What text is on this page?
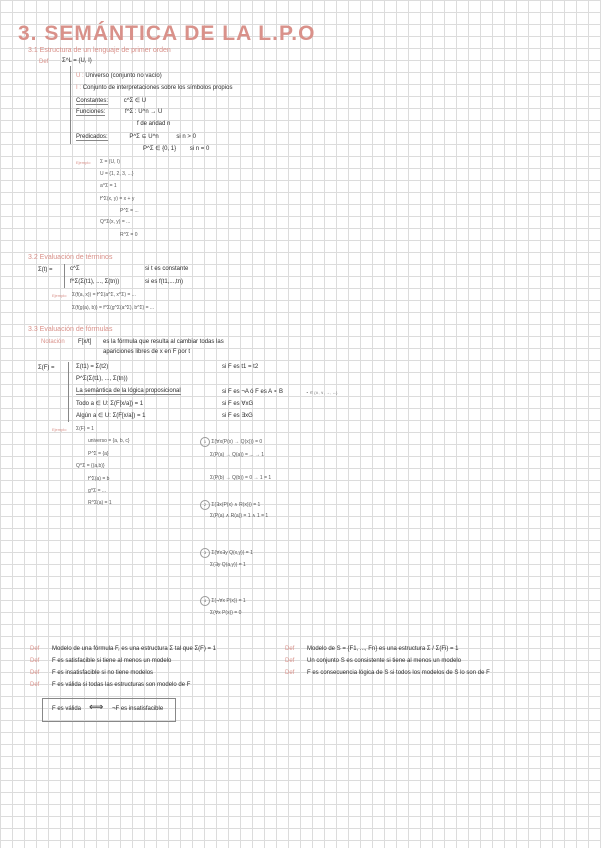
3. SEMÁNTICA DE LA L.P.O
3.1 Estructura de un lenguaje de primer orden
Def Σ^L = (U, I)
U : Universo (conjunto no vacío)
I : Conjunto de interpretaciones sobre los símbolos propios
Constantes:	c^Σ ∈ U
Funciones:	f^Σ : U^n → U
f de aridad n
Predicados:	P^Σ ⊆ U^n	si n > 0
P^Σ ∈ {0, 1} si n = 0
Ejemplo Σ = (U, I)
U = {1, 2, 3, ...}
a^Σ = 1
f^Σ(x, y) = x + y
P^Σ = ...
Q^Σ(x, y) = ...
R^Σ = 0
3.2 Evaluación de términos
Σ(t) =	c^Σ	si t es constante
f^Σ(Σ(t1), ..., Σ(tn))	si es f(t1,...,tn)
Ejemplo Σ(f(a, x)) = f^Σ(a^Σ, x^Σ) = ...
Σ(f(g(a), b)) = f^Σ(g^Σ(a^Σ), b^Σ) = ...
3.3 Evaluación de fórmulas
Notación F[x/t] es la fórmula que resulta al cambiar todas las
apariciones libres de x en F por t
Σ(F) =	Σ(t1) = Σ(t2)	si F es t1 = t2
P^Σ(Σ(t1), ..., Σ(tn))
La semántica de la lógica proposicional	si F es ¬A ó F es A ∘ B	∘ ∈ {∧, ∨, →, ↔}
Todo a ∈ U: Σ(F[x/a]) = 1	si F es ∀xG
Algún a ∈ U: Σ(F[x/a]) = 1	si F es ∃xG
Ejemplo Σ(F) = 1
universo = {a, b, c}
P^Σ = {a}
Q^Σ = {(a,b)}
f^Σ(a) = b
g^Σ = ...
R^Σ(a) = 1
1 Σ(∀x(P(x) → Q(x))) = 0
Σ(P(a) → Q(a)) = ... → 1
Σ(P(b) → Q(b)) = 0 → 1 = 1
2 Σ(∃x(P(x) ∧ R(x))) = 1
Σ(P(a) ∧ R(a)) = 1 ∧ 1 = 1
3 Σ(∀x∃y Q(x,y)) = 1
Σ(∃y Q(a,y)) = 1
4 Σ(¬∀x P(x)) = 1
Σ(∀x P(x)) = 0
Def Modelo de una fórmula F, es una estructura Σ tal que Σ(F) = 1
Def F es satisfacible si tiene al menos un modelo
Def F es insatisfacible si no tiene modelos
Def F es válida si todas las estructuras son modelo de F
Def Modelo de S = {F1, ..., Fn} es una estructura Σ / Σ(Fi) = 1
Def Un conjunto S es consistente si tiene al menos un modelo
Def F es consecuencia lógica de S si todos los modelos de S lo son de F
F es válida ⟺ ¬F es insatisfacible
